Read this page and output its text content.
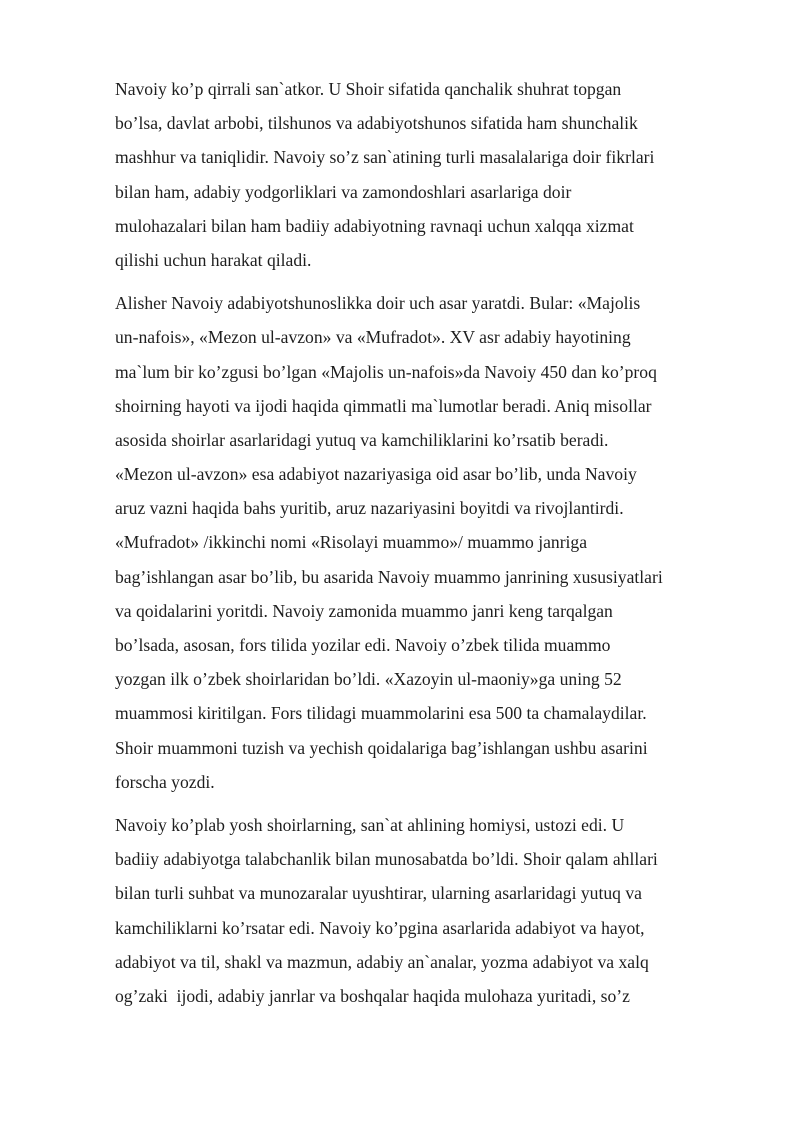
Navoiy ko’p qirrali san`atkor. U Shoir sifatida qanchalik shuhrat topgan
bo’lsa, davlat arbobi, tilshunos va adabiyotshunos sifatida ham shunchalik
mashhur va taniqlidir. Navoiy so’z san`atining turli masalalariga doir fikrlari
bilan ham, adabiy yodgorliklari va zamondoshlari asarlariga doir
mulohazalari bilan ham badiiy adabiyotning ravnaqi uchun xalqqa xizmat
qilishi uchun harakat qiladi.
Alisher Navoiy adabiyotshunoslikka doir uch asar yaratdi. Bular: «Majolis
un-nafois», «Mezon ul-avzon» va «Mufradot». XV asr adabiy hayotining
ma`lum bir ko’zgusi bo’lgan «Majolis un-nafois»da Navoiy 450 dan ko’proq
shoirning hayoti va ijodi haqida qimmatli ma`lumotlar beradi. Aniq misollar
asosida shoirlar asarlaridagi yutuq va kamchiliklarini ko’rsatib beradi.
«Mezon ul-avzon» esa adabiyot nazariyasiga oid asar bo’lib, unda Navoiy
aruz vazni haqida bahs yuritib, aruz nazariyasini boyitdi va rivojlantirdi.
«Mufradot» /ikkinchi nomi «Risolayi muammo»/ muammo janriga
bag’ishlangan asar bo’lib, bu asarida Navoiy muammo janrining xususiyatlari
va qoidalarini yoritdi. Navoiy zamonida muammo janri keng tarqalgan
bo’lsada, asosan, fors tilida yozilar edi. Navoiy o’zbek tilida muammo
yozgan ilk o’zbek shoirlaridan bo’ldi. «Xazoyin ul-maoniy»ga uning 52
muammosi kiritilgan. Fors tilidagi muammolarini esa 500 ta chamalaydilar.
Shoir muammoni tuzish va yechish qoidalariga bag’ishlangan ushbu asarini
forscha yozdi.
Navoiy ko’plab yosh shoirlarning, san`at ahlining homiysi, ustozi edi. U
badiiy adabiyotga talabchanlik bilan munosabatda bo’ldi. Shoir qalam ahllari
bilan turli suhbat va munozaralar uyushtirar, ularning asarlaridagi yutuq va
kamchiliklarni ko’rsatar edi. Navoiy ko’pgina asarlarida adabiyot va hayot,
adabiyot va til, shakl va mazmun, adabiy an`analar, yozma adabiyot va xalq
og’zaki  ijodi, adabiy janrlar va boshqalar haqida mulohaza yuritadi, so’z
